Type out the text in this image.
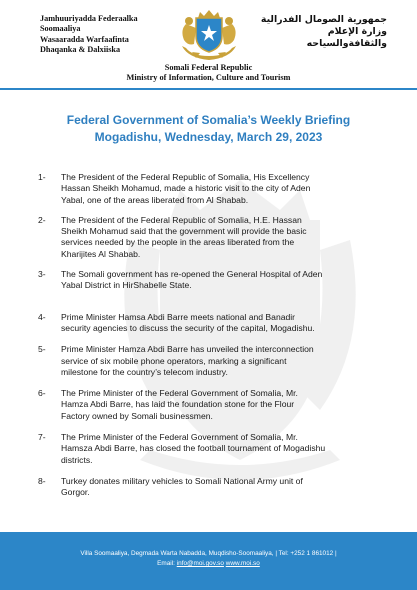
Jamhuuriyadda Federaalka
Soomaaliya
Wasaaradda Warfaafinta
Dhaqanka & Dalxiiska
جمهورية الصومال الفدرالية
وزارة الإعلام
والثقافةوالسياحه
Somali Federal Republic
Ministry of Information, Culture and Tourism
Federal Government of Somalia’s Weekly Briefing
Mogadishu, Wednesday, March 29, 2023
1- The President of the Federal Republic of Somalia, His Excellency
Hassan Sheikh Mohamud, made a historic visit to the city of Aden
Yabal, one of the areas liberated from Al Shabab.
2- The President of the Federal Republic of Somalia, H.E. Hassan
Sheikh Mohamud said that the government will provide the basic
services needed by the people in the areas liberated from the
Kharijites Al Shabab.
3- The Somali government has re-opened the General Hospital of Aden
Yabal District in HirShabelle State.
4- Prime Minister Hamsa Abdi Barre meets national and Banadir
security agencies to discuss the security of the capital, Mogadishu.
5- Prime Minister Hamza Abdi Barre has unveiled the interconnection
service of six mobile phone operators, marking a significant
milestone for the country’s telecom industry.
6- The Prime Minister of the Federal Government of Somalia, Mr.
Hamza Abdi Barre, has laid the foundation stone for the Flour
Factory owned by Somali businessmen.
7- The Prime Minister of the Federal Government of Somalia, Mr.
Hamsza Abdi Barre, has closed the football tournament of Mogadishu
districts.
8- Turkey donates military vehicles to Somali National Army unit of
Gorgor.
Villa Soomaaliya, Degmada Warta Nabadda, Muqdisho-Soomaaliya, | Tel: +252 1 861012 |
Email: info@moi.gov.so www.moi.so
